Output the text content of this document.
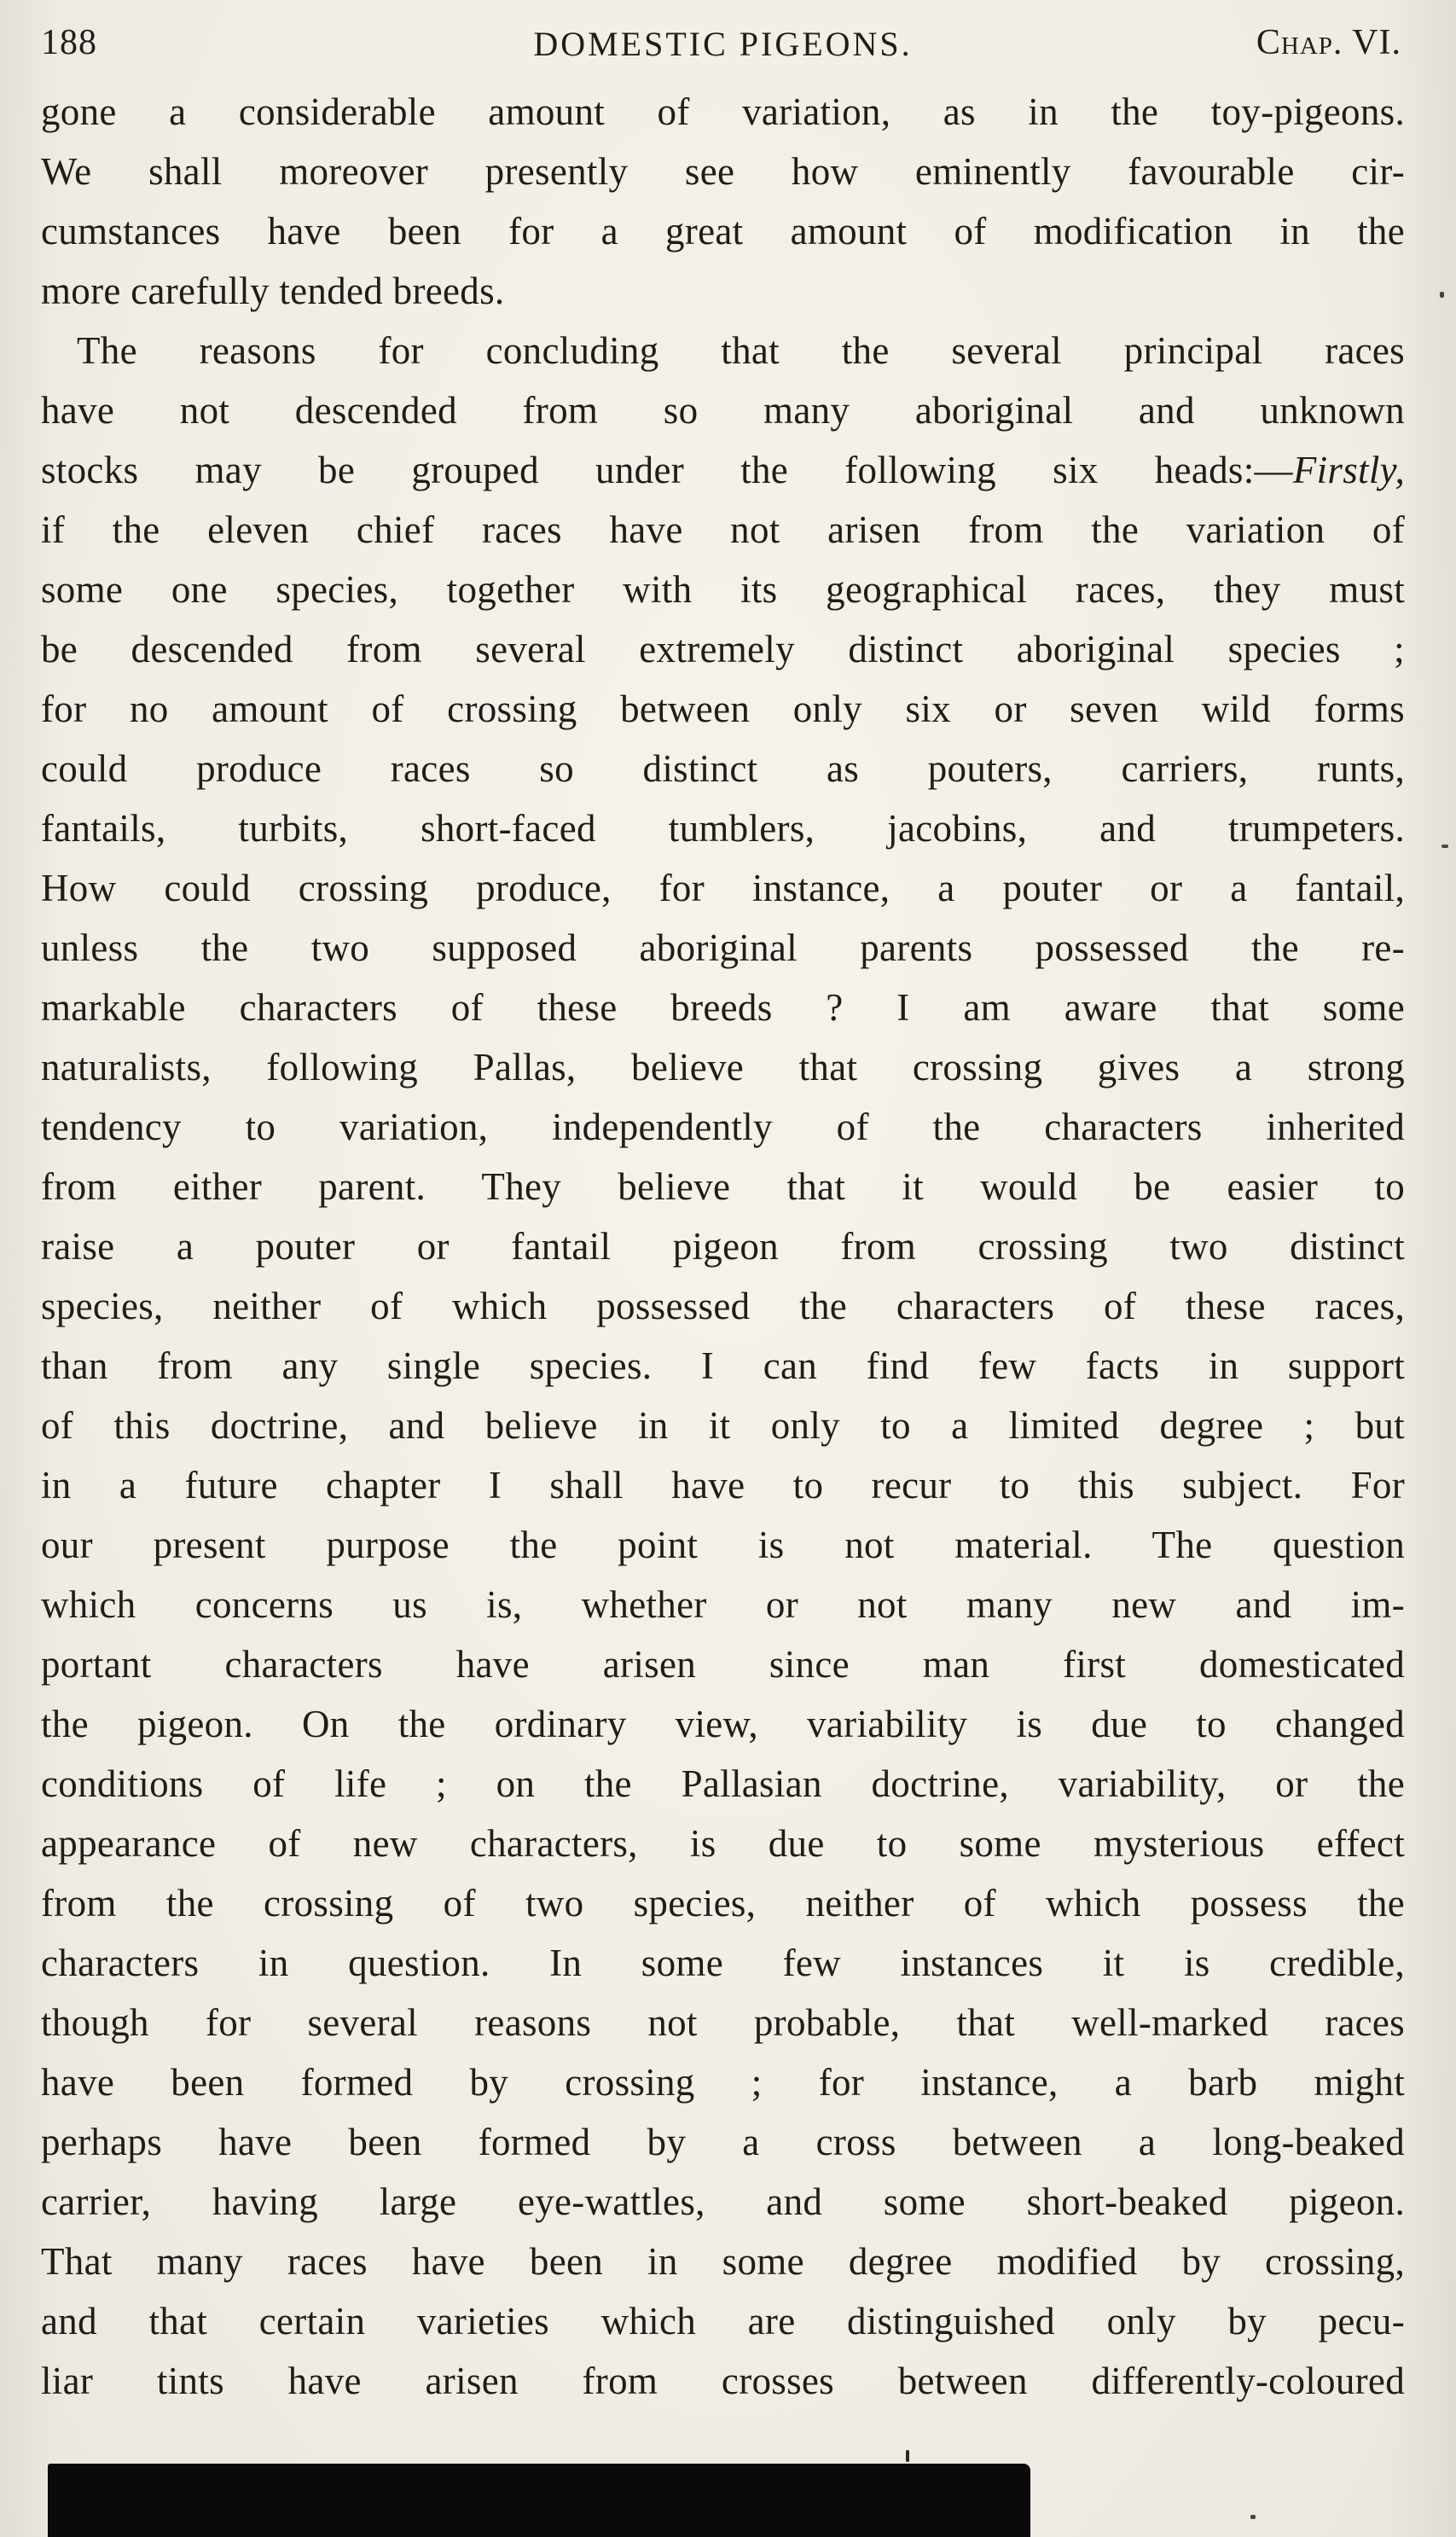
188	DOMESTIC PIGEONS.	Chap. VI.
gone a considerable amount of variation, as in the toy-pigeons.
We shall moreover presently see how eminently favourable cir-
cumstances have been for a great amount of modification in the
more carefully tended breeds.
The reasons for concluding that the several principal races
have not descended from so many aboriginal and unknown
stocks may be grouped under the following six heads:—Firstly,
if the eleven chief races have not arisen from the variation of
some one species, together with its geographical races, they must
be descended from several extremely distinct aboriginal species ;
for no amount of crossing between only six or seven wild forms
could produce races so distinct as pouters, carriers, runts,
fantails, turbits, short-faced tumblers, jacobins, and trumpeters.
How could crossing produce, for instance, a pouter or a fantail,
unless the two supposed aboriginal parents possessed the re-
markable characters of these breeds ? I am aware that some
naturalists, following Pallas, believe that crossing gives a strong
tendency to variation, independently of the characters inherited
from either parent. They believe that it would be easier to
raise a pouter or fantail pigeon from crossing two distinct
species, neither of which possessed the characters of these races,
than from any single species. I can find few facts in support
of this doctrine, and believe in it only to a limited degree ; but
in a future chapter I shall have to recur to this subject. For
our present purpose the point is not material. The question
which concerns us is, whether or not many new and im-
portant characters have arisen since man first domesticated
the pigeon. On the ordinary view, variability is due to changed
conditions of life ; on the Pallasian doctrine, variability, or the
appearance of new characters, is due to some mysterious effect
from the crossing of two species, neither of which possess the
characters in question. In some few instances it is credible,
though for several reasons not probable, that well-marked races
have been formed by crossing ; for instance, a barb might
perhaps have been formed by a cross between a long-beaked
carrier, having large eye-wattles, and some short-beaked pigeon.
That many races have been in some degree modified by crossing,
and that certain varieties which are distinguished only by pecu-
liar tints have arisen from crosses between differently-coloured
